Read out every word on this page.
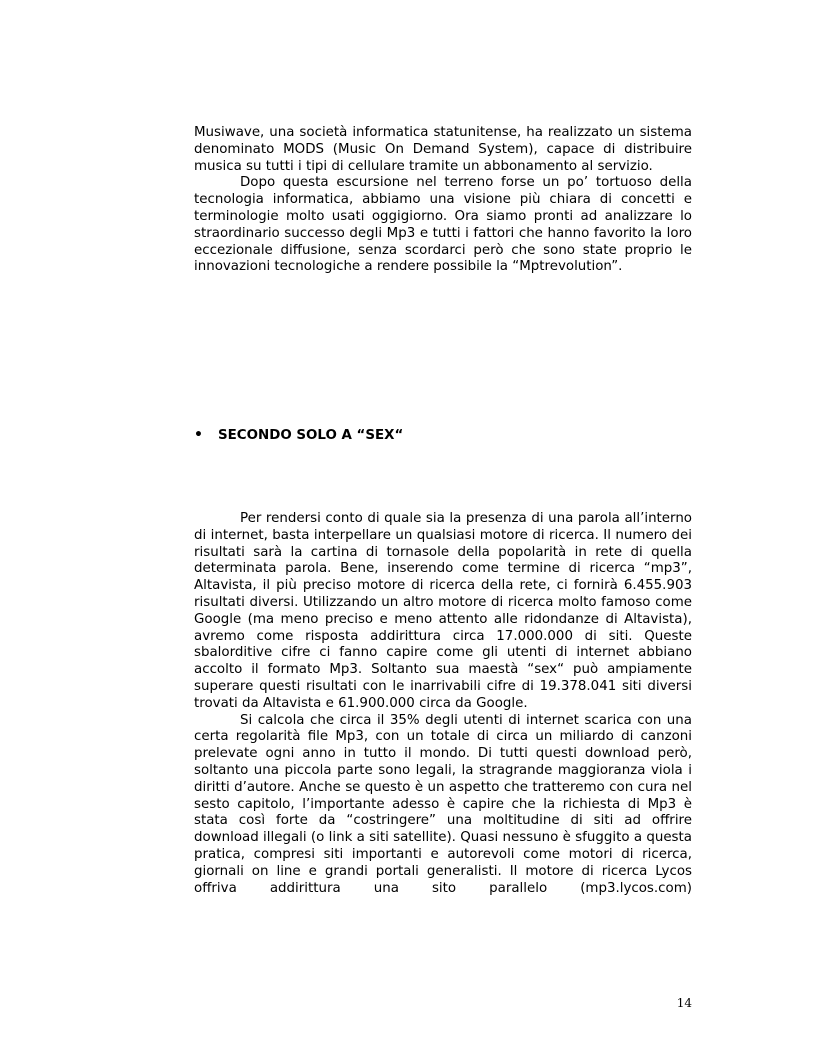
Musiwave, una società informatica statunitense, ha realizzato un sistema denominato MODS (Music On Demand System), capace di distribuire musica su tutti i tipi di cellulare tramite un abbonamento al servizio.

Dopo questa escursione nel terreno forse un po’ tortuoso della tecnologia informatica, abbiamo una visione più chiara di concetti e terminologie molto usati oggigiorno. Ora siamo pronti ad analizzare lo straordinario successo degli Mp3 e tutti i fattori che hanno favorito la loro eccezionale diffusione, senza scordarci però che sono state proprio le innovazioni tecnologiche a rendere possibile la “Mptrevolution”.

•	SECONDO SOLO A “SEX“

Per rendersi conto di quale sia la presenza di una parola all’interno di internet, basta interpellare un qualsiasi motore di ricerca. Il numero dei risultati sarà la cartina di tornasole della popolarità in rete di quella determinata parola. Bene, inserendo come termine di ricerca “mp3”, Altavista, il più preciso motore di ricerca della rete, ci fornirà 6.455.903 risultati diversi. Utilizzando un altro motore di ricerca molto famoso come Google (ma meno preciso e meno attento alle ridondanze di Altavista), avremo come risposta addirittura circa 17.000.000 di siti. Queste sbalorditive cifre ci fanno capire come gli utenti di internet abbiano accolto il formato Mp3. Soltanto sua maestà “sex“ può ampiamente superare questi risultati con le inarrivabili cifre di 19.378.041 siti diversi trovati da Altavista e 61.900.000 circa da Google.

Si calcola che circa il 35% degli utenti di internet scarica con una certa regolarità file Mp3, con un totale di circa un miliardo di canzoni prelevate ogni anno in tutto il mondo. Di tutti questi download però, soltanto una piccola parte sono legali, la stragrande maggioranza viola i diritti d’autore. Anche se questo è un aspetto che tratteremo con cura nel sesto capitolo, l’importante adesso è capire che la richiesta di Mp3 è stata così forte da “costringere” una moltitudine di siti ad offrire download illegali (o link a siti satellite). Quasi nessuno è sfuggito a questa pratica, compresi siti importanti e autorevoli come motori di ricerca, giornali on line e grandi portali generalisti. Il motore di ricerca Lycos offriva addirittura una sito parallelo (mp3.lycos.com)

14
